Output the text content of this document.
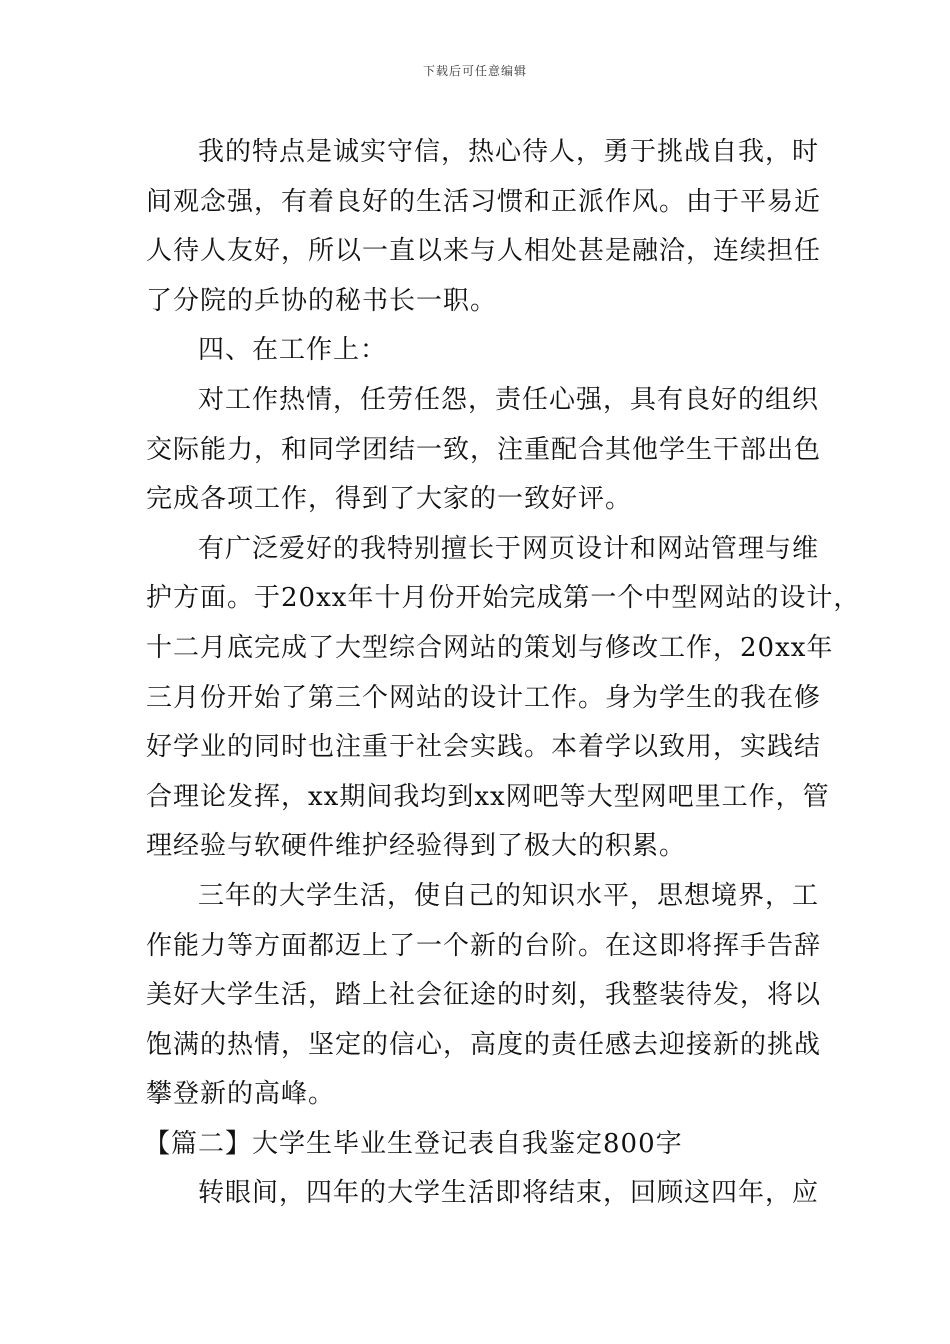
下载后可任意编辑
我的特点是诚实守信，热心待人，勇于挑战自我，时
间观念强，有着良好的生活习惯和正派作风。由于平易近
人待人友好，所以一直以来与人相处甚是融洽，连续担任
了分院的乒协的秘书长一职。
四、在工作上：
对工作热情，任劳任怨，责任心强，具有良好的组织
交际能力，和同学团结一致，注重配合其他学生干部出色
完成各项工作，得到了大家的一致好评。
有广泛爱好的我特别擅长于网页设计和网站管理与维
护方面。于20xx年十月份开始完成第一个中型网站的设计，
十二月底完成了大型综合网站的策划与修改工作，20xx年
三月份开始了第三个网站的设计工作。身为学生的我在修
好学业的同时也注重于社会实践。本着学以致用，实践结
合理论发挥，xx期间我均到xx网吧等大型网吧里工作，管
理经验与软硬件维护经验得到了极大的积累。
三年的大学生活，使自己的知识水平，思想境界，工
作能力等方面都迈上了一个新的台阶。在这即将挥手告辞
美好大学生活，踏上社会征途的时刻，我整装待发，将以
饱满的热情，坚定的信心，高度的责任感去迎接新的挑战
攀登新的高峰。
【篇二】大学生毕业生登记表自我鉴定800字
转眼间，四年的大学生活即将结束，回顾这四年，应
